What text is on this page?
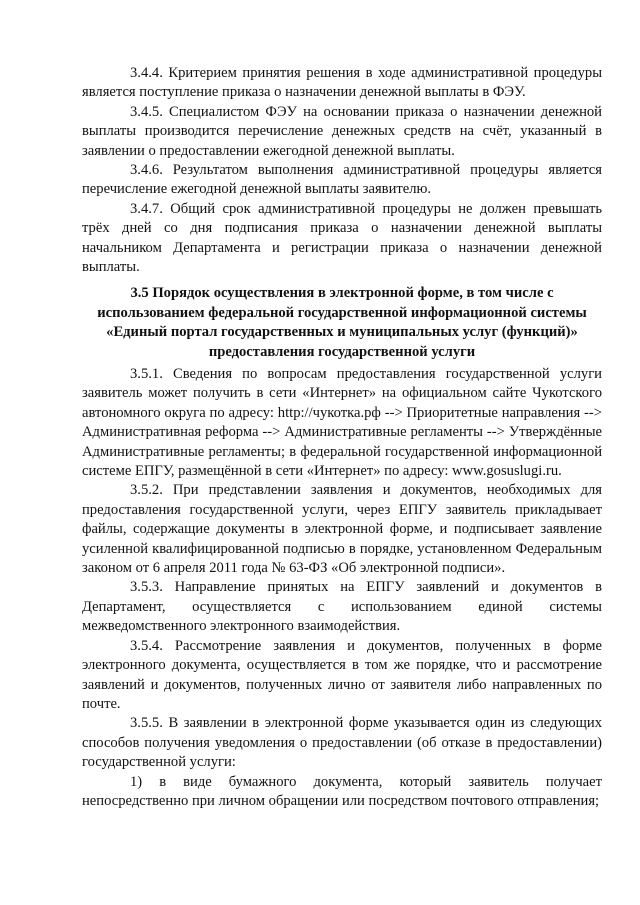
3.4.4. Критерием принятия решения в ходе административной процедуры является поступление приказа о назначении денежной выплаты в ФЭУ.

3.4.5. Специалистом ФЭУ на основании приказа о назначении денежной выплаты производится перечисление денежных средств на счёт, указанный в заявлении о предоставлении ежегодной денежной выплаты.

3.4.6. Результатом выполнения административной процедуры является перечисление ежегодной денежной выплаты заявителю.

3.4.7. Общий срок административной процедуры не должен превышать трёх дней со дня подписания приказа о назначении денежной выплаты начальником Департамента и регистрации приказа о назначении денежной выплаты.

3.5 Порядок осуществления в электронной форме, в том числе с использованием федеральной государственной информационной системы «Единый портал государственных и муниципальных услуг (функций)» предоставления государственной услуги

3.5.1. Сведения по вопросам предоставления государственной услуги заявитель может получить в сети «Интернет» на официальном сайте Чукотского автономного округа по адресу: http://чукотка.рф --> Приоритетные направления --> Административная реформа --> Административные регламенты --> Утверждённые Административные регламенты; в федеральной государственной информационной системе ЕПГУ, размещённой в сети «Интернет» по адресу: www.gosuslugi.ru.

3.5.2. При представлении заявления и документов, необходимых для предоставления государственной услуги, через ЕПГУ заявитель прикладывает файлы, содержащие документы в электронной форме, и подписывает заявление усиленной квалифицированной подписью в порядке, установленном Федеральным законом от 6 апреля 2011 года № 63-ФЗ «Об электронной подписи».

3.5.3. Направление принятых на ЕПГУ заявлений и документов в Департамент, осуществляется с использованием единой системы межведомственного электронного взаимодействия.

3.5.4. Рассмотрение заявления и документов, полученных в форме электронного документа, осуществляется в том же порядке, что и рассмотрение заявлений и документов, полученных лично от заявителя либо направленных по почте.

3.5.5. В заявлении в электронной форме указывается один из следующих способов получения уведомления о предоставлении (об отказе в предоставлении) государственной услуги:

1) в виде бумажного документа, который заявитель получает непосредственно при личном обращении или посредством почтового отправления;
